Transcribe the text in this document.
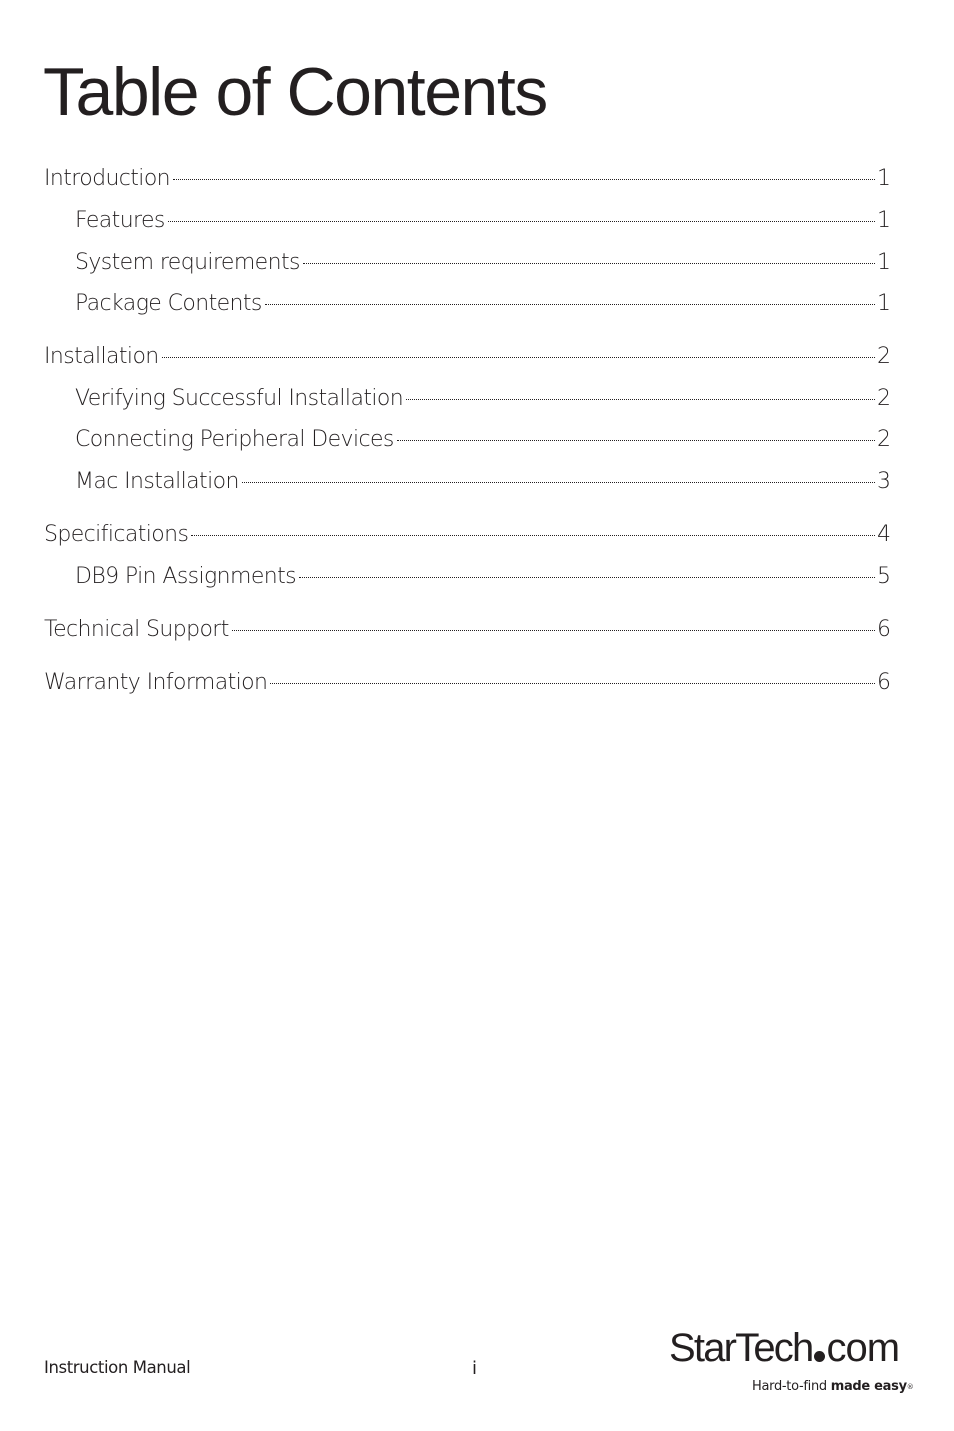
Table of Contents
Introduction	1
Features	1
System requirements	1
Package Contents	1
Installation	2
Verifying Successful Installation	2
Connecting Peripheral Devices	2
Mac Installation	3
Specifications	4
DB9 Pin Assignments	5
Technical Support	6
Warranty Information	6
Instruction Manual	i	StarTech com
Hard-to-find made easy®
